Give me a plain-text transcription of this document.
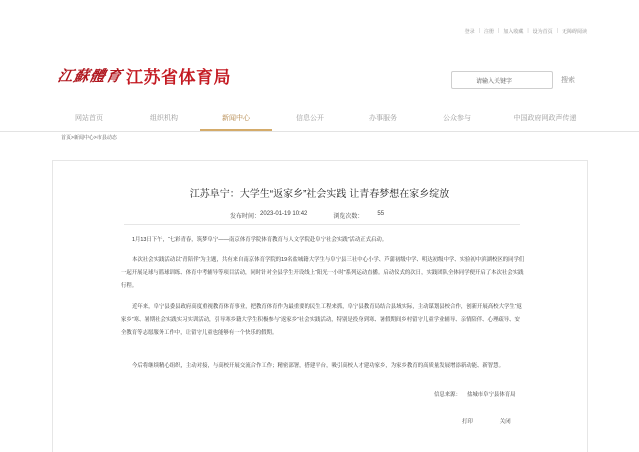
登录 | 注册 | 加入收藏 | 设为首页 | 无障碍阅读
江蘇體育 江苏省体育局	请输入关键字	搜索
网站首页	组织机构	新闻中心	信息公开	办事服务	公众参与	中国政府网政声传递
首页>新闻中心>市县动态
江苏阜宁：大学生“返家乡”社会实践 让青春梦想在家乡绽放
发布时间： 2023-01-19 10:42	浏览次数： 55

1月13日下午，“七彩青春，筑梦阜宁——南京体育学院体育教育与人文学院赴阜宁社会实践”活动正式启动。

本次社会实践活动以“青陪伴”为主题，共有来自南京体育学院的19名盐城籍大学生与阜宁县三社中心小学、芦蒲初级中学、明达初级中学、实验初中滨湖校区的同学们一起开展足球与篮球训练、体育中考辅导等项目活动，同时针对全县学生开设线上“阳光一小时”系列运动直播。启动仪式的次日，实践团队全体同学便开启了本次社会实践行程。

近年来，阜宁县委县政府高度重视教育体育事业，把教育体育作为最重要的民生工程来抓，阜宁县教育局结合县域实际，主动谋划县校合作，创新开展高校大学生“返家乡”寒、暑期社会实践实习实训活动，引导寒乡籍大学生积极参与“返家乡”社会实践活动，特别是投身到寒、暑假期间乡村留守儿童学业辅导、亲情陪伴、心理疏导、安全教育等志愿服务工作中，让留守儿童也能够有一个快乐的假期。

今后将继续精心组织，主动对接，与高校开展交流合作工作；精密部署，搭建平台，吸引高校人才建功家乡，为家乡教育的高质量发展增添新动能、新智慧。

信息来源： 盐城市阜宁县体育局
打印	关闭
